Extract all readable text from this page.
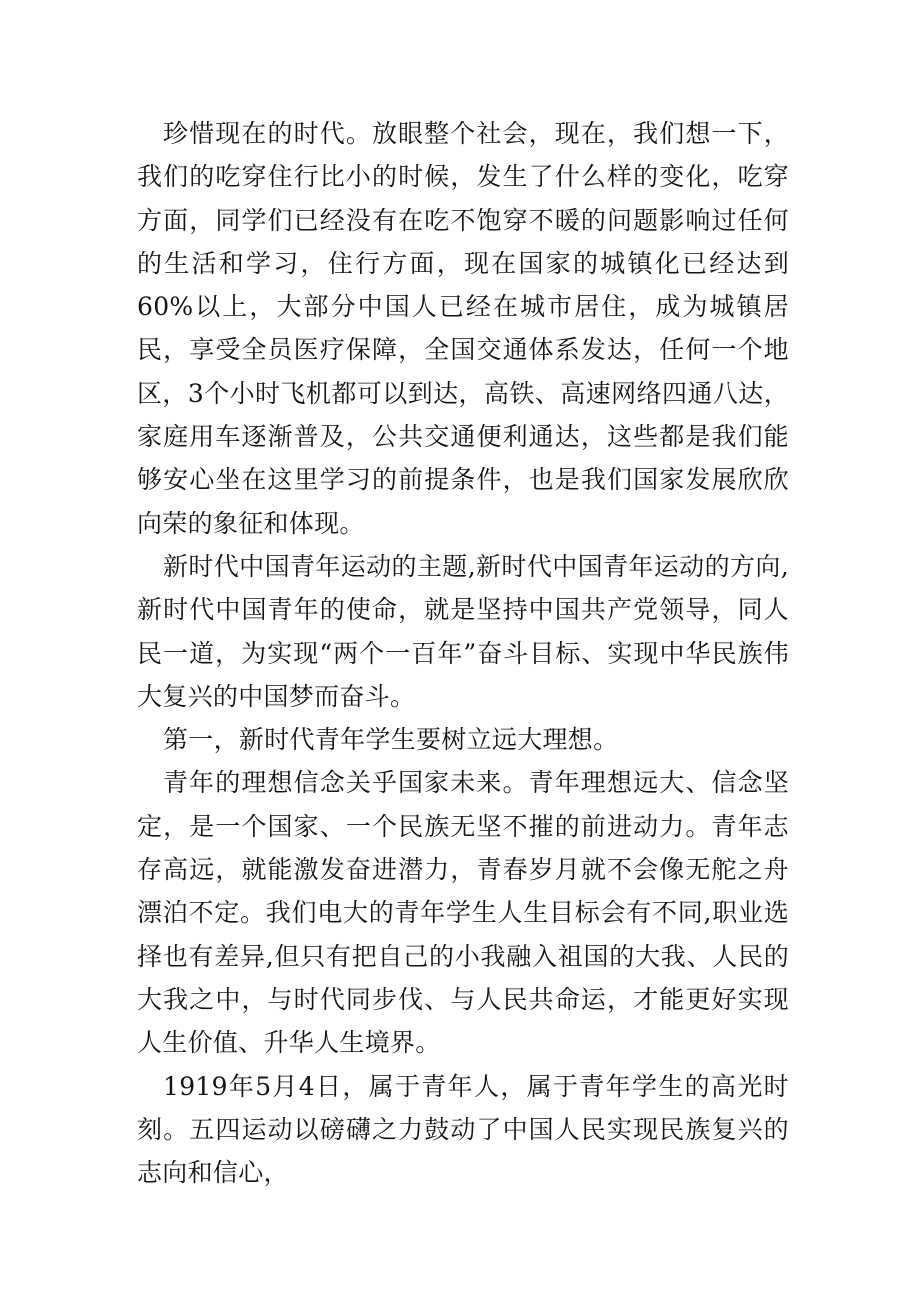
珍惜现在的时代。放眼整个社会，现在，我们想一下，我们的吃穿住行比小的时候，发生了什么样的变化，吃穿方面，同学们已经没有在吃不饱穿不暖的问题影响过任何的生活和学习，住行方面，现在国家的城镇化已经达到60%以上，大部分中国人已经在城市居住，成为城镇居民，享受全员医疗保障，全国交通体系发达，任何一个地区，3个小时飞机都可以到达，高铁、高速网络四通八达，家庭用车逐渐普及，公共交通便利通达，这些都是我们能够安心坐在这里学习的前提条件，也是我们国家发展欣欣向荣的象征和体现。

新时代中国青年运动的主题,新时代中国青年运动的方向,新时代中国青年的使命，就是坚持中国共产党领导，同人民一道，为实现“两个一百年”奋斗目标、实现中华民族伟大复兴的中国梦而奋斗。

第一，新时代青年学生要树立远大理想。

青年的理想信念关乎国家未来。青年理想远大、信念坚定，是一个国家、一个民族无坚不摧的前进动力。青年志存高远，就能激发奋进潜力，青春岁月就不会像无舵之舟漂泊不定。我们电大的青年学生人生目标会有不同,职业选择也有差异,但只有把自己的小我融入祖国的大我、人民的大我之中，与时代同步伐、与人民共命运，才能更好实现人生价值、升华人生境界。

1919年5月4日，属于青年人，属于青年学生的高光时刻。五四运动以磅礴之力鼓动了中国人民实现民族复兴的志向和信心，
